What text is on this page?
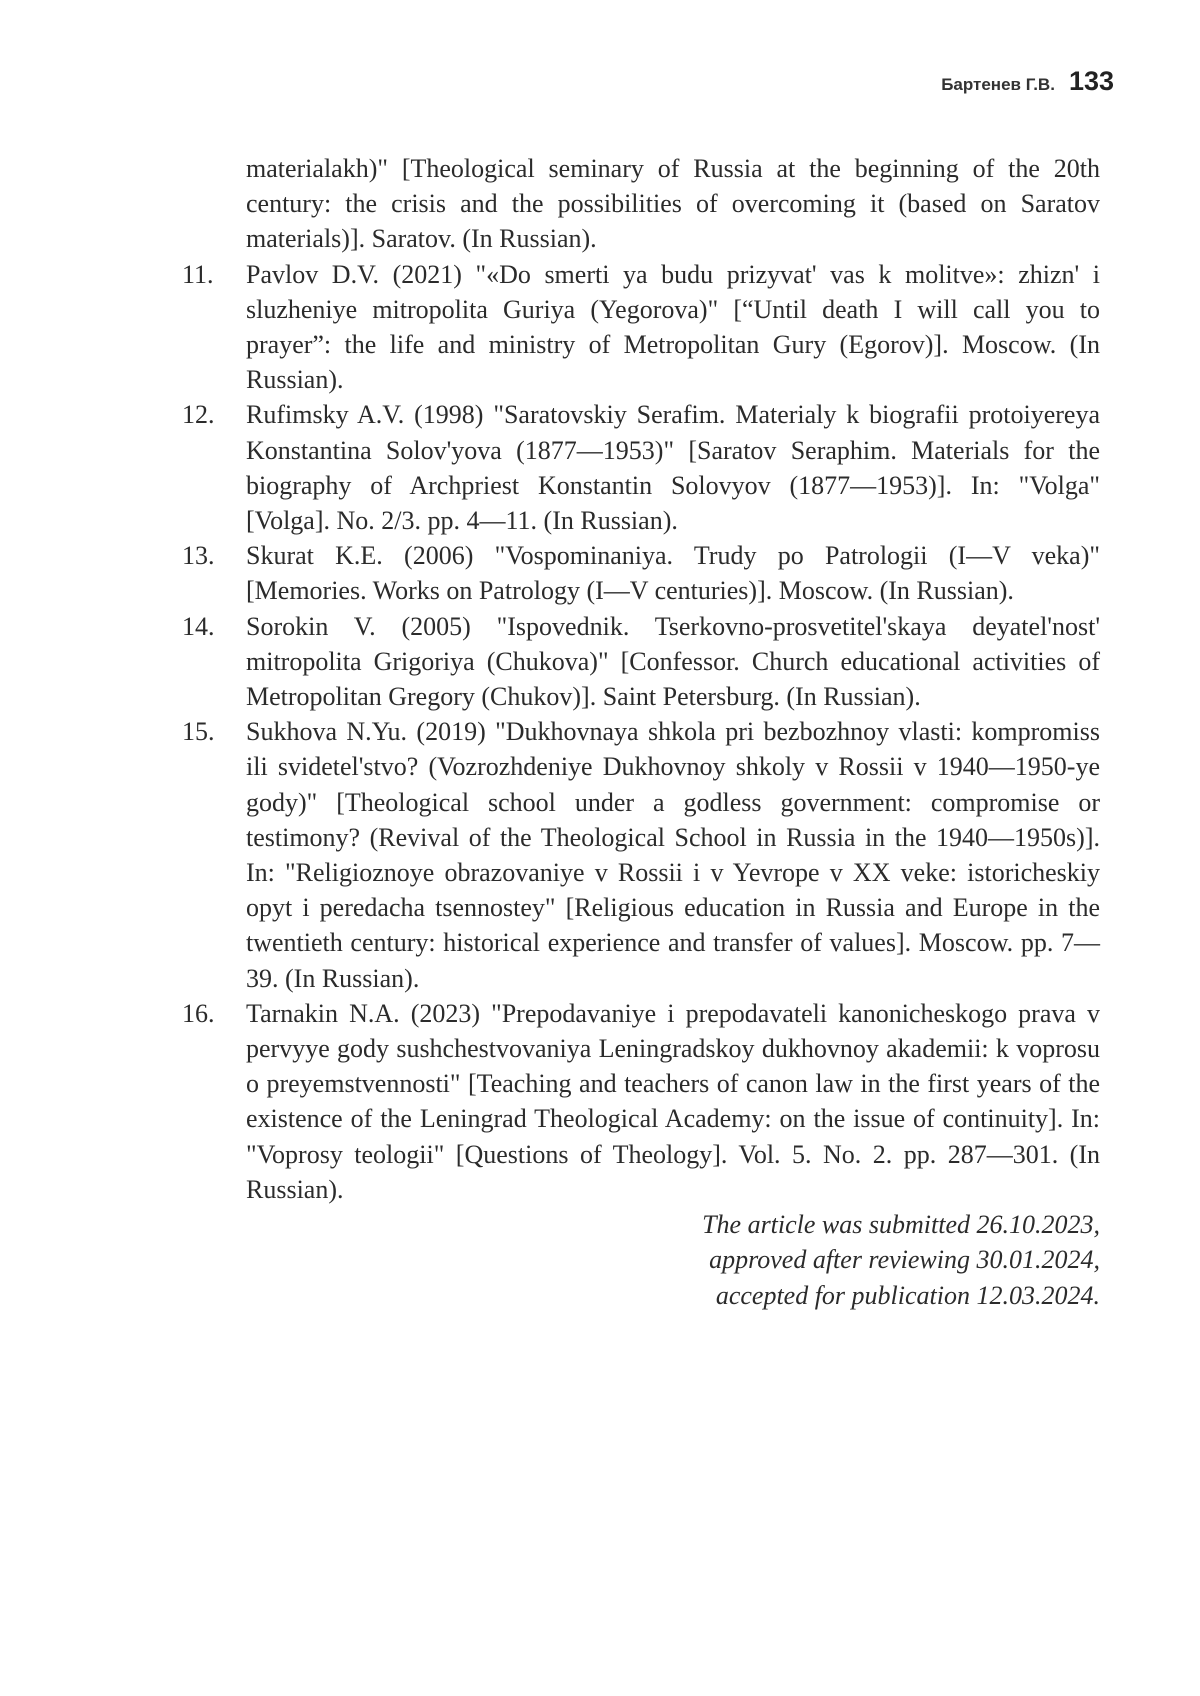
Бартенев Г.В. 133
materialakh)" [Theological seminary of Russia at the beginning of the 20th century: the crisis and the possibilities of overcoming it (based on Saratov materials)]. Saratov. (In Russian).
11. Pavlov D.V. (2021) "«Do smerti ya budu prizyvat' vas k molitve»: zhizn' i sluzheniye mitropolita Guriya (Yegorova)" [“Until death I will call you to prayer”: the life and ministry of Metropolitan Gury (Egorov)]. Moscow. (In Russian).
12. Rufimsky A.V. (1998) "Saratovskiy Serafim. Materialy k biografii protoiyereya Konstantina Solov'yova (1877—1953)" [Saratov Seraphim. Materials for the biography of Archpriest Konstantin Solovyov (1877—1953)]. In: "Volga" [Volga]. No. 2/3. pp. 4—11. (In Russian).
13. Skurat K.E. (2006) "Vospominaniya. Trudy po Patrologii (I—V veka)" [Memories. Works on Patrology (I—V centuries)]. Moscow. (In Russian).
14. Sorokin V. (2005) "Ispovednik. Tserkovno-prosvetitel'skaya deyatel'nost' mitropolita Grigoriya (Chukova)" [Confessor. Church educational activities of Metropolitan Gregory (Chukov)]. Saint Petersburg. (In Russian).
15. Sukhova N.Yu. (2019) "Dukhovnaya shkola pri bezbozhnoy vlasti: kompromiss ili svidetel'stvo? (Vozrozhdeniye Dukhovnoy shkoly v Rossii v 1940—1950-ye gody)" [Theological school under a godless government: compromise or testimony? (Revival of the Theological School in Russia in the 1940—1950s)]. In: "Religioznoye obrazovaniye v Rossii i v Yevrope v XX veke: istoricheskiy opyt i peredacha tsennostey" [Religious education in Russia and Europe in the twentieth century: historical experience and transfer of values]. Moscow. pp. 7—39. (In Russian).
16. Tarnakin N.A. (2023) "Prepodavaniye i prepodavateli kanonicheskogo prava v pervyye gody sushchestvovaniya Leningradskoy dukhovnoy akademii: k voprosu o preyemstvennosti" [Teaching and teachers of canon law in the first years of the existence of the Leningrad Theological Academy: on the issue of continuity]. In: "Voprosy teologii" [Questions of Theology]. Vol. 5. No. 2. pp. 287—301. (In Russian).
The article was submitted 26.10.2023,
approved after reviewing 30.01.2024,
accepted for publication 12.03.2024.
